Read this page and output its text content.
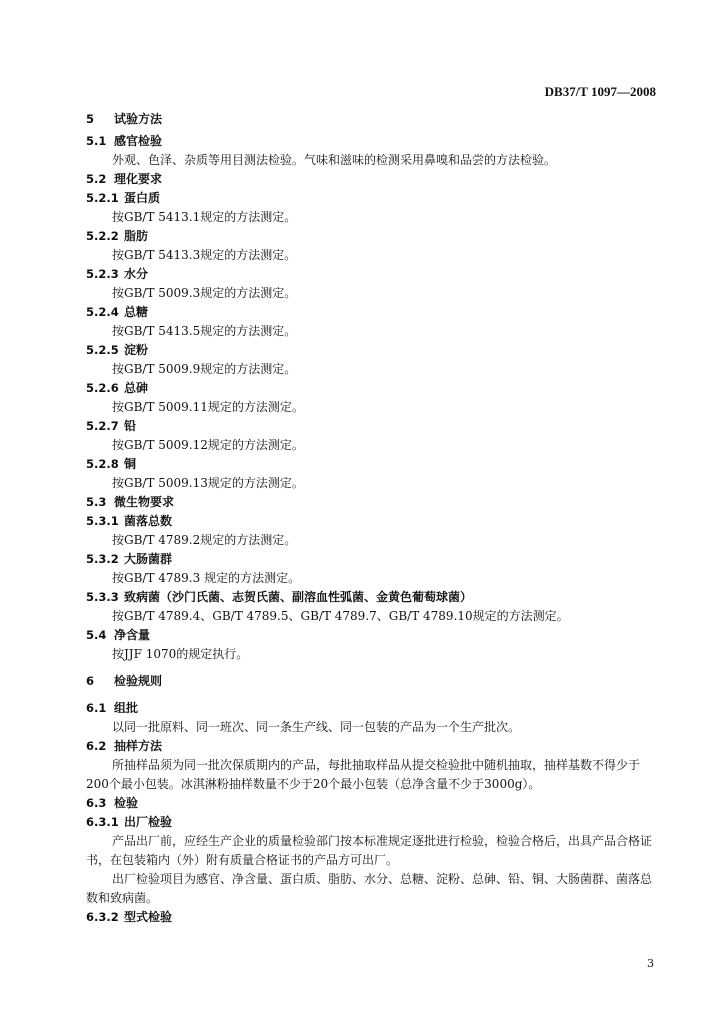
DB37/T 1097—2008
5 试验方法
5.1 感官检验
外观、色泽、杂质等用目测法检验。气味和滋味的检测采用鼻嗅和品尝的方法检验。
5.2 理化要求
5.2.1 蛋白质
按GB/T 5413.1规定的方法测定。
5.2.2 脂肪
按GB/T 5413.3规定的方法测定。
5.2.3 水分
按GB/T 5009.3规定的方法测定。
5.2.4 总糖
按GB/T 5413.5规定的方法测定。
5.2.5 淀粉
按GB/T 5009.9规定的方法测定。
5.2.6 总砷
按GB/T 5009.11规定的方法测定。
5.2.7 铅
按GB/T 5009.12规定的方法测定。
5.2.8 铜
按GB/T 5009.13规定的方法测定。
5.3 微生物要求
5.3.1 菌落总数
按GB/T 4789.2规定的方法测定。
5.3.2 大肠菌群
按GB/T 4789.3 规定的方法测定。
5.3.3 致病菌（沙门氏菌、志贺氏菌、副溶血性弧菌、金黄色葡萄球菌）
按GB/T 4789.4、GB/T 4789.5、GB/T 4789.7、GB/T 4789.10规定的方法测定。
5.4 净含量
按JJF 1070的规定执行。
6 检验规则
6.1 组批
以同一批原料、同一班次、同一条生产线、同一包装的产品为一个生产批次。
6.2 抽样方法
所抽样品须为同一批次保质期内的产品，每批抽取样品从提交检验批中随机抽取，抽样基数不得少于200个最小包装。冰淇淋粉抽样数量不少于20个最小包装（总净含量不少于3000g）。
6.3 检验
6.3.1 出厂检验
产品出厂前，应经生产企业的质量检验部门按本标准规定逐批进行检验，检验合格后，出具产品合格证书，在包装箱内（外）附有质量合格证书的产品方可出厂。
出厂检验项目为感官、净含量、蛋白质、脂肪、水分、总糖、淀粉、总砷、铅、铜、大肠菌群、菌落总数和致病菌。
6.3.2 型式检验
3
